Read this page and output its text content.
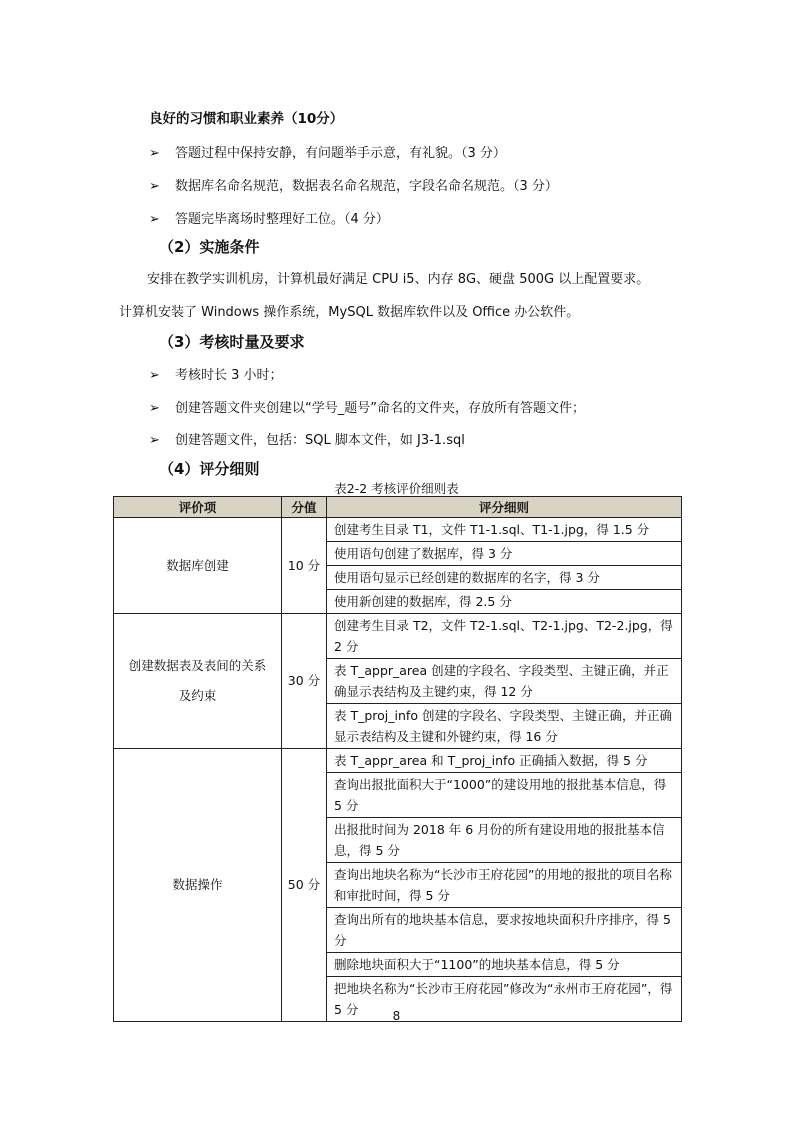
良好的习惯和职业素养（10分）
➢ 答题过程中保持安静，有问题举手示意，有礼貌。（3 分）
➢ 数据库名命名规范，数据表名命名规范，字段名命名规范。（3 分）
➢ 答题完毕离场时整理好工位。（4 分）
（2）实施条件
安排在教学实训机房，计算机最好满足 CPU i5、内存 8G、硬盘 500G 以上配置要求。
计算机安装了 Windows 操作系统，MySQL 数据库软件以及 Office 办公软件。
（3）考核时量及要求
➢ 考核时长 3 小时；
➢ 创建答题文件夹创建以“学号_题号”命名的文件夹，存放所有答题文件；
➢ 创建答题文件，包括：SQL 脚本文件，如 J3-1.sql
（4）评分细则
表2-2 考核评价细则表
评价项	分值	评分细则
数据库创建	10 分	创建考生目录 T1，文件 T1-1.sql、T1-1.jpg，得 1.5 分
		使用语句创建了数据库，得 3 分
		使用语句显示已经创建的数据库的名字，得 3 分
		使用新创建的数据库，得 2.5 分
创建数据表及表间的关系及约束	30 分	创建考生目录 T2，文件 T2-1.sql、T2-1.jpg、T2-2.jpg，得 2 分
		表 T_appr_area 创建的字段名、字段类型、主键正确，并正确显示表结构及主键约束，得 12 分
		表 T_proj_info 创建的字段名、字段类型、主键正确，并正确显示表结构及主键和外键约束，得 16 分
数据操作	50 分	表 T_appr_area 和 T_proj_info 正确插入数据，得 5 分
		查询出报批面积大于“1000”的建设用地的报批基本信息，得 5 分
		出报批时间为 2018 年 6 月份的所有建设用地的报批基本信息，得 5 分
		查询出地块名称为“长沙市王府花园”的用地的报批的项目名称和审批时间，得 5 分
		查询出所有的地块基本信息，要求按地块面积升序排序，得 5 分
		删除地块面积大于“1100”的地块基本信息，得 5 分
		把地块名称为“长沙市王府花园”修改为“永州市王府花园”，得 5 分	8
